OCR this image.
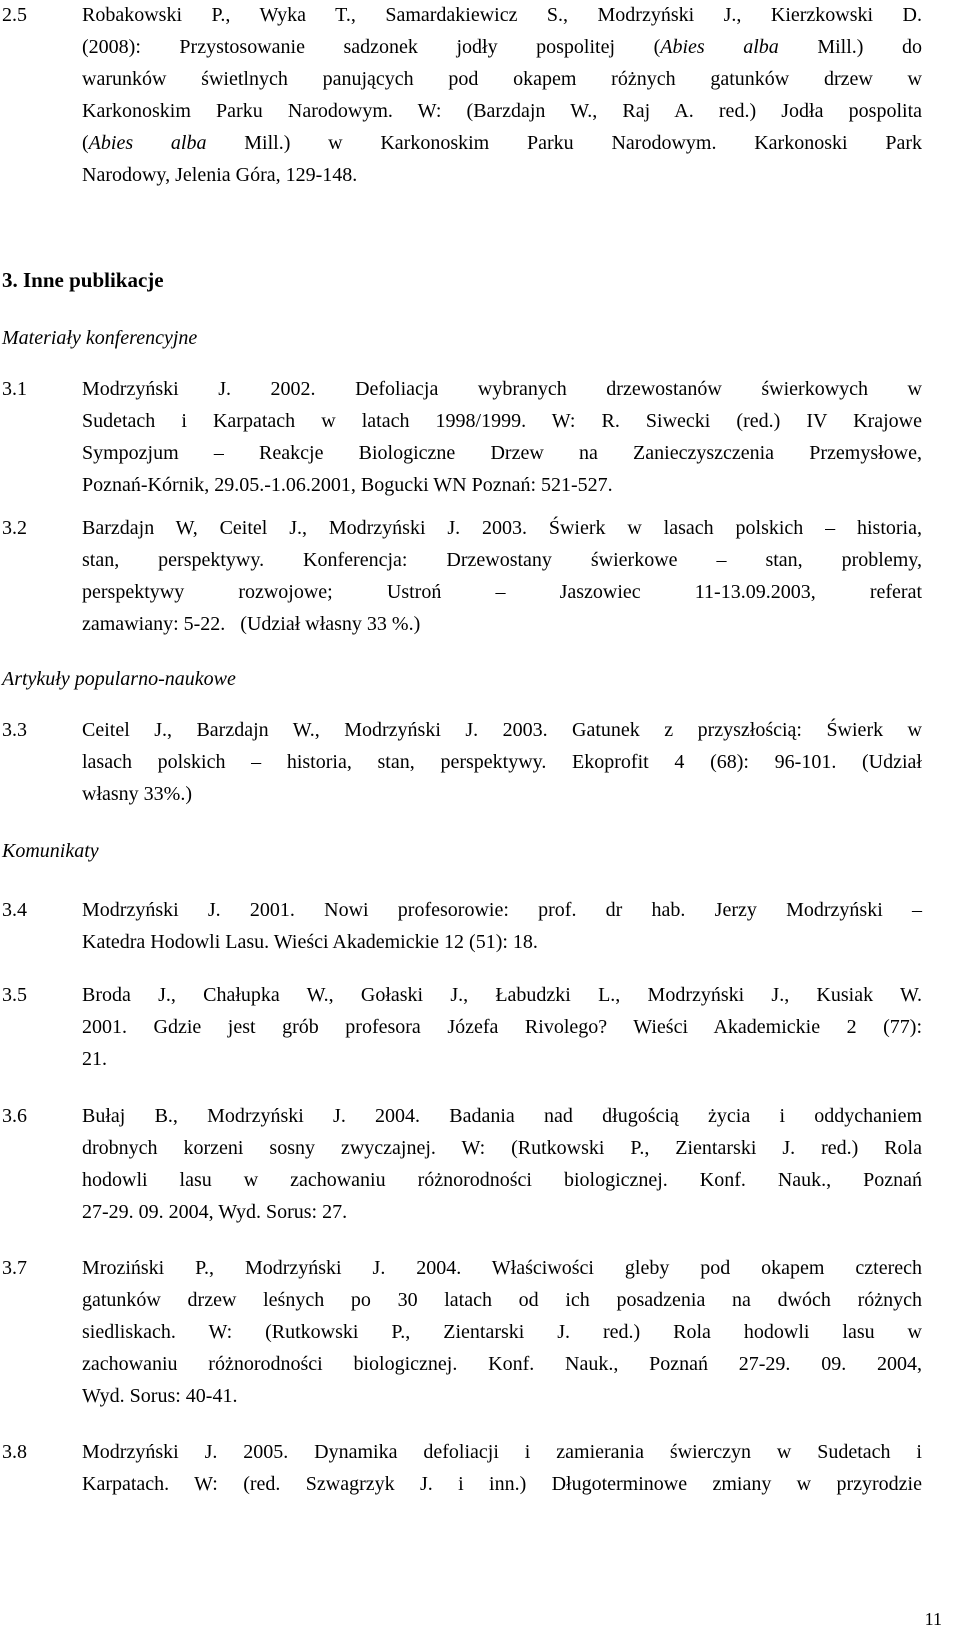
2.5	Robakowski P., Wyka T., Samardakiewicz S., Modrzyński J., Kierzkowski D.
(2008): Przystosowanie sadzonek jodły pospolitej (Abies alba Mill.) do
warunków świetlnych panujących pod okapem różnych gatunków drzew w
Karkonoskim Parku Narodowym. W: (Barzdajn W., Raj A. red.) Jodła pospolita
(Abies alba Mill.) w Karkonoskim Parku Narodowym. Karkonoski Park
Narodowy, Jelenia Góra, 129-148.
3. Inne publikacje
Materiały konferencyjne
3.1	Modrzyński J. 2002. Defoliacja wybranych drzewostanów świerkowych w
Sudetach i Karpatach w latach 1998/1999. W: R. Siwecki (red.) IV Krajowe
Sympozjum – Reakcje Biologiczne Drzew na Zanieczyszczenia Przemysłowe,
Poznań-Kórnik, 29.05.-1.06.2001, Bogucki WN Poznań: 521-527.
3.2	Barzdajn W, Ceitel J., Modrzyński J. 2003. Świerk w lasach polskich – historia,
stan, perspektywy. Konferencja: Drzewostany świerkowe – stan, problemy,
perspektywy rozwojowe; Ustroń – Jaszowiec 11-13.09.2003, referat
zamawiany: 5-22.   (Udział własny 33 %.)
Artykuły popularno-naukowe
3.3	Ceitel J., Barzdajn W., Modrzyński J. 2003. Gatunek z przyszłością: Świerk w
lasach polskich – historia, stan, perspektywy. Ekoprofit 4 (68): 96-101. (Udział
własny 33%.)
Komunikaty
3.4	Modrzyński J. 2001. Nowi profesorowie: prof. dr hab. Jerzy Modrzyński –
Katedra Hodowli Lasu. Wieści Akademickie 12 (51): 18.
3.5	Broda J., Chałupka W., Gołaski J., Łabudzki L., Modrzyński J., Kusiak W.
2001. Gdzie jest grób profesora Józefa Rivolego? Wieści Akademickie 2 (77):
21.
3.6	Bułaj B., Modrzyński J. 2004. Badania nad długością życia i oddychaniem
drobnych korzeni sosny zwyczajnej. W: (Rutkowski P., Zientarski J. red.) Rola
hodowli lasu w zachowaniu różnorodności biologicznej. Konf. Nauk., Poznań
27-29. 09. 2004, Wyd. Sorus: 27.
3.7	Mroziński P., Modrzyński J. 2004. Właściwości gleby pod okapem czterech
gatunków drzew leśnych po 30 latach od ich posadzenia na dwóch różnych
siedliskach. W: (Rutkowski P., Zientarski J. red.) Rola hodowli lasu w
zachowaniu różnorodności biologicznej. Konf. Nauk., Poznań 27-29. 09. 2004,
Wyd. Sorus: 40-41.
3.8	Modrzyński J. 2005. Dynamika defoliacji i zamierania świerczyn w Sudetach i
Karpatach. W: (red. Szwagrzyk J. i inn.) Długoterminowe zmiany w przyrodzie
11
